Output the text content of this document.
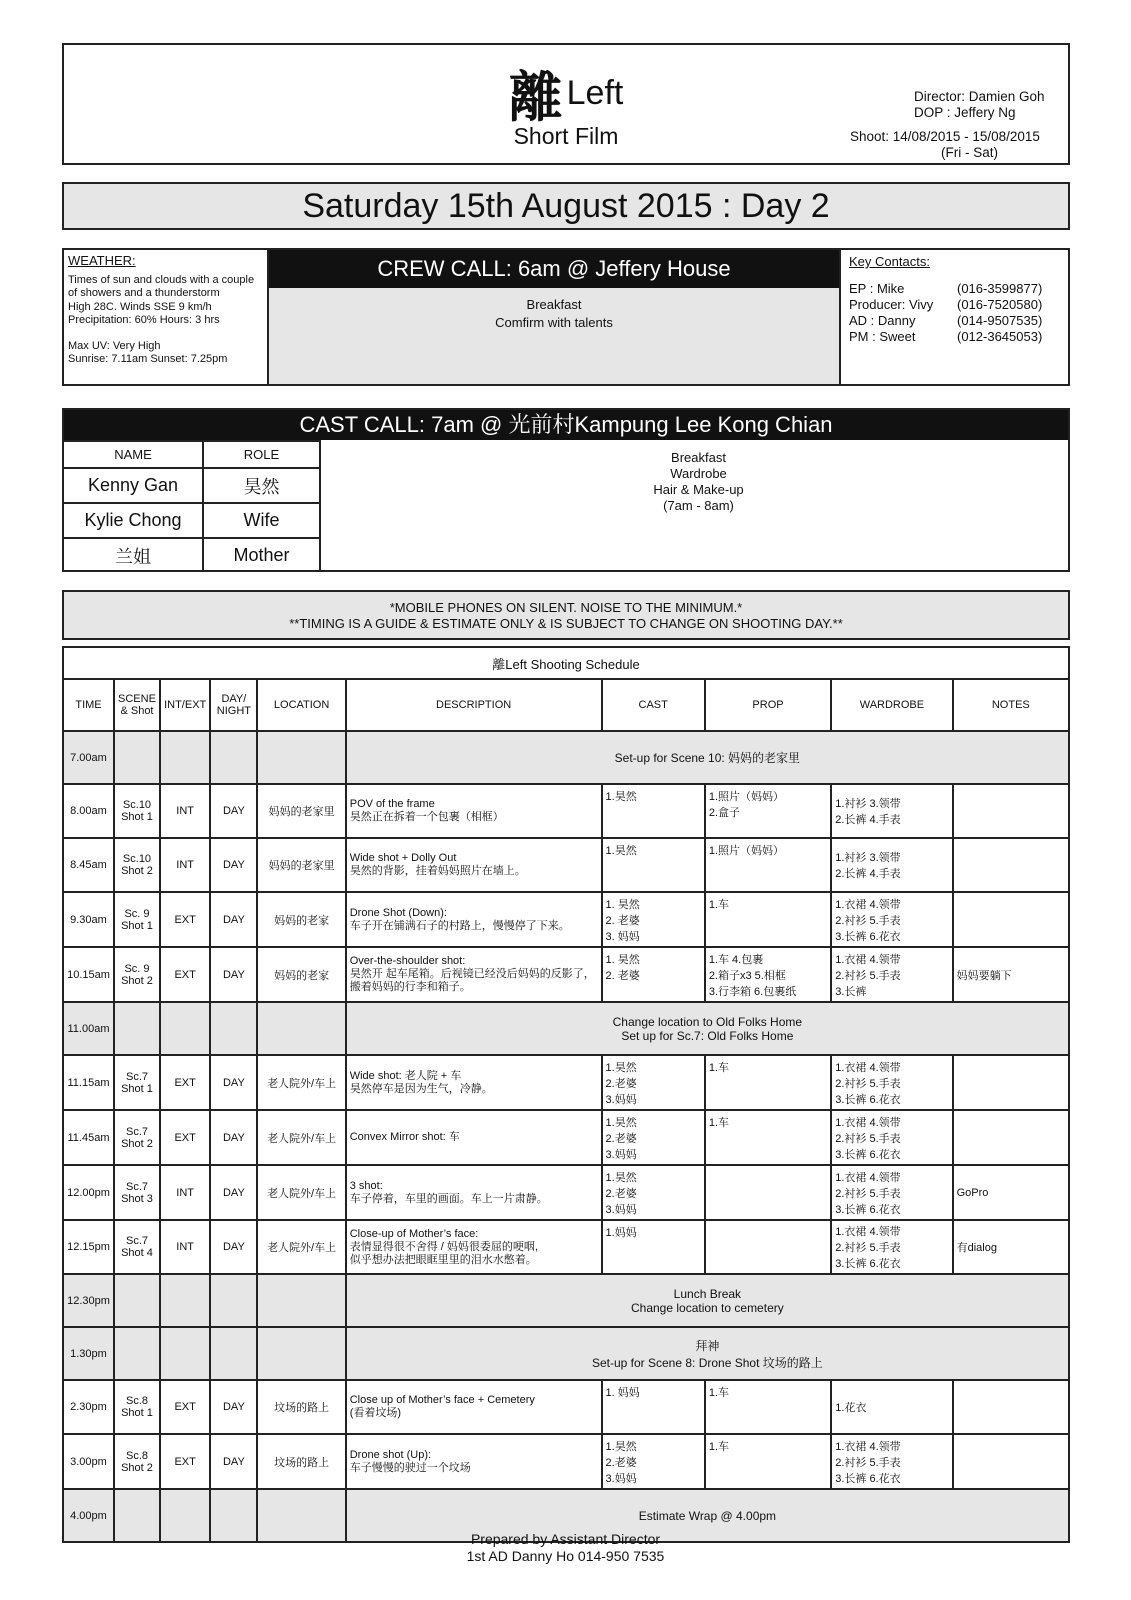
離 Left
Short Film
Director: Damien Goh
DOP : Jeffery Ng
Shoot: 14/08/2015 - 15/08/2015
(Fri - Sat)
Saturday 15th August 2015 : Day 2
WEATHER:
Times of sun and clouds with a couple
of showers and a thunderstorm
High 28C. Winds SSE 9 km/h
Precipitation: 60% Hours: 3 hrs
Max UV: Very High
Sunrise: 7.11am Sunset: 7.25pm
CREW CALL: 6am @ Jeffery House
Breakfast
Comfirm with talents
Key Contacts:
EP : Mike	(016-3599877)
Producer: Vivy	(016-7520580)
AD : Danny	(014-9507535)
PM : Sweet	(012-3645053)
CAST CALL: 7am @ 光前村Kampung Lee Kong Chian
NAME	ROLE
Kenny Gan	昊然
Kylie Chong	Wife
兰姐	Mother
Breakfast
Wardrobe
Hair & Make-up
(7am - 8am)
*MOBILE PHONES ON SILENT. NOISE TO THE MINIMUM.*
**TIMING IS A GUIDE & ESTIMATE ONLY & IS SUBJECT TO CHANGE ON SHOOTING DAY.**
離Left Shooting Schedule									
TIME	SCENE
& Shot	INT/EXT	DAY/
NIGHT	LOCATION	DESCRIPTION	CAST	PROP	WARDROBE	NOTES
7.00am					Set-up for Scene 10: 妈妈的老家里				
8.00am	Sc.10
Shot 1	INT	DAY	妈妈的老家里	POV of the frame
昊然正在拆着一个包裹（相框）	1.昊然	1.照片（妈妈）
2.盒子	1.衬衫 3.领带
2.长裤 4.手表	
8.45am	Sc.10
Shot 2	INT	DAY	妈妈的老家里	Wide shot + Dolly Out
昊然的背影，挂着妈妈照片在墙上。	1.昊然	1.照片（妈妈）	1.衬衫 3.领带
2.长裤 4.手表	
9.30am	Sc. 9
Shot 1	EXT	DAY	妈妈的老家	Drone Shot (Down):
车子开在铺满石子的村路上，慢慢停了下来。	1. 昊然
2. 老婆
3. 妈妈	1.车	1.衣裙 4.领带
2.衬衫 5.手表
3.长裤 6.花衣	
10.15am	Sc. 9
Shot 2	EXT	DAY	妈妈的老家	Over-the-shoulder shot:
昊然开 起车尾箱。后视镜已经没后妈妈的反影了，
搬着妈妈的行李和箱子。	1. 昊然
2. 老婆	1.车 4.包裹
2.箱子x3 5.相框
3.行李箱 6.包裹纸	1.衣裙 4.领带
2.衬衫 5.手表
3.长裤	妈妈要躺下
11.00am					Change location to Old Folks Home
Set up for Sc.7: Old Folks Home				
11.15am	Sc.7
Shot 1	EXT	DAY	老人院外/车上	Wide shot: 老人院 + 车
昊然停车是因为生气，冷静。	1.昊然
2.老婆
3.妈妈	1.车	1.衣裙 4.领带
2.衬衫 5.手表
3.长裤 6.花衣	
11.45am	Sc.7
Shot 2	EXT	DAY	老人院外/车上	Convex Mirror shot: 车	1.昊然
2.老婆
3.妈妈	1.车	1.衣裙 4.领带
2.衬衫 5.手表
3.长裤 6.花衣	
12.00pm	Sc.7
Shot 3	INT	DAY	老人院外/车上	3 shot:
车子停着，车里的画面。车上一片肃静。	1.昊然
2.老婆
3.妈妈		1.衣裙 4.领带
2.衬衫 5.手表
3.长裤 6.花衣	GoPro
12.15pm	Sc.7
Shot 4	INT	DAY	老人院外/车上	Close-up of Mother’s face:
表情显得很不舍得 / 妈妈很委屈的哽咽,
似乎想办法把眼眶里里的泪水水憋着。	1.妈妈		1.衣裙 4.领带
2.衬衫 5.手表
3.长裤 6.花衣	有dialog
12.30pm					Lunch Break
Change location to cemetery				
1.30pm					拜神
Set-up for Scene 8: Drone Shot 坟场的路上				
2.30pm	Sc.8
Shot 1	EXT	DAY	坟场的路上	Close up of Mother’s face + Cemetery
(看着坟场)	1. 妈妈	1.车	1.花衣	
3.00pm	Sc.8
Shot 2	EXT	DAY	坟场的路上	Drone shot (Up):
车子慢慢的驶过一个坟场	1.昊然
2.老婆
3.妈妈	1.车	1.衣裙 4.领带
2.衬衫 5.手表
3.长裤 6.花衣	
4.00pm					Estimate Wrap @ 4.00pm				
Prepared by Assistant Director
1st AD Danny Ho 014-950 7535
